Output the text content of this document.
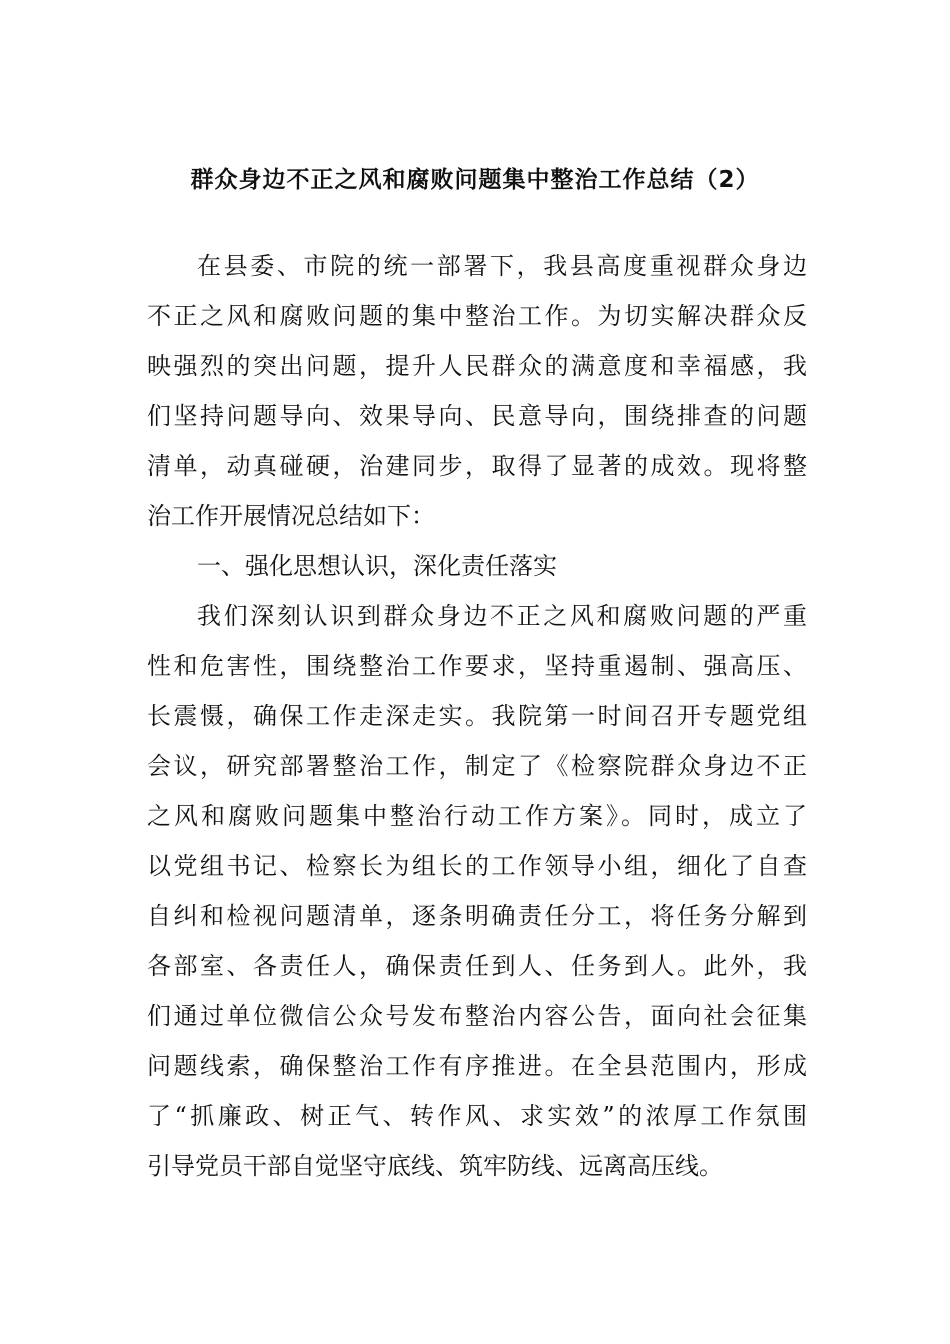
群众身边不正之风和腐败问题集中整治工作总结（2）
在县委、市院的统一部署下，我县高度重视群众身边
不正之风和腐败问题的集中整治工作。为切实解决群众反
映强烈的突出问题，提升人民群众的满意度和幸福感，我
们坚持问题导向、效果导向、民意导向，围绕排查的问题
清单，动真碰硬，治建同步，取得了显著的成效。现将整
治工作开展情况总结如下：
一、强化思想认识，深化责任落实
我们深刻认识到群众身边不正之风和腐败问题的严重
性和危害性，围绕整治工作要求，坚持重遏制、强高压、
长震慑，确保工作走深走实。我院第一时间召开专题党组
会议，研究部署整治工作，制定了《检察院群众身边不正
之风和腐败问题集中整治行动工作方案》。同时，成立了
以党组书记、检察长为组长的工作领导小组，细化了自查
自纠和检视问题清单，逐条明确责任分工，将任务分解到
各部室、各责任人，确保责任到人、任务到人。此外，我
们通过单位微信公众号发布整治内容公告，面向社会征集
问题线索，确保整治工作有序推进。在全县范围内，形成
了“抓廉政、树正气、转作风、求实效”的浓厚工作氛围
引导党员干部自觉坚守底线、筑牢防线、远离高压线。
